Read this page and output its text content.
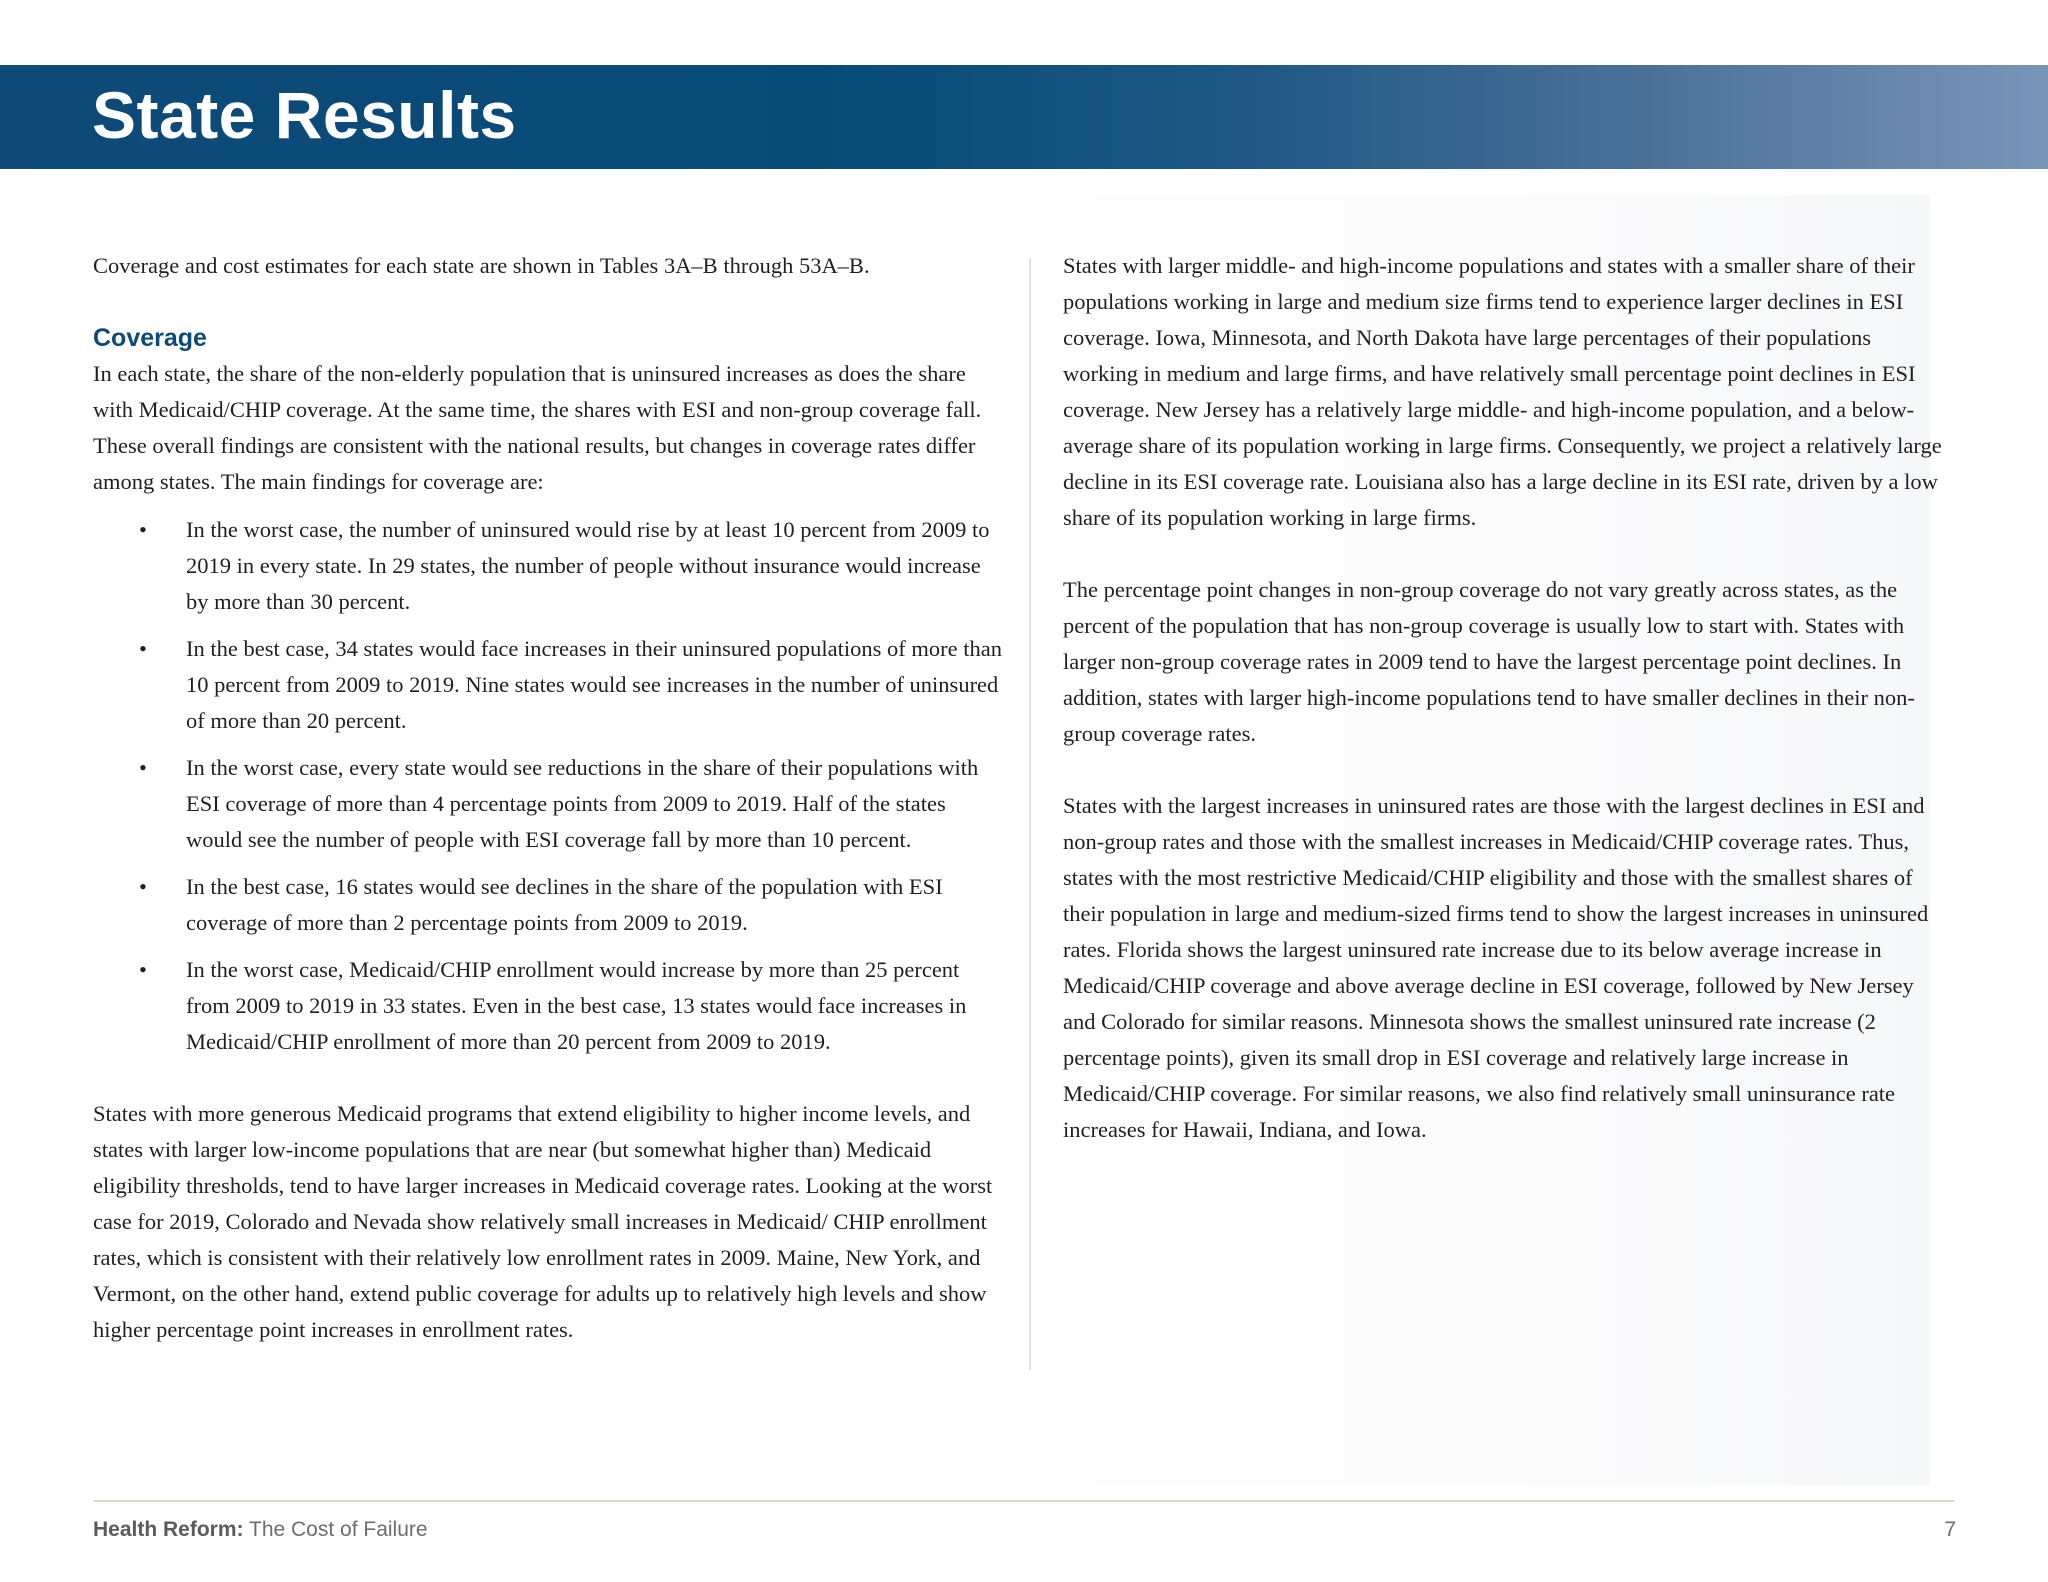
State Results

Coverage and cost estimates for each state are shown in Tables 3A–B through 53A–B.

Coverage

In each state, the share of the non-elderly population that is uninsured increases as does the share with Medicaid/CHIP coverage. At the same time, the shares with ESI and non-group coverage fall. These overall findings are consistent with the national results, but changes in coverage rates differ among states. The main findings for coverage are:

• In the worst case, the number of uninsured would rise by at least 10 percent from 2009 to 2019 in every state. In 29 states, the number of people without insurance would increase by more than 30 percent.
• In the best case, 34 states would face increases in their uninsured populations of more than 10 percent from 2009 to 2019. Nine states would see increases in the number of uninsured of more than 20 percent.
• In the worst case, every state would see reductions in the share of their populations with ESI coverage of more than 4 percentage points from 2009 to 2019. Half of the states would see the number of people with ESI coverage fall by more than 10 percent.
• In the best case, 16 states would see declines in the share of the population with ESI coverage of more than 2 percentage points from 2009 to 2019.
• In the worst case, Medicaid/CHIP enrollment would increase by more than 25 percent from 2009 to 2019 in 33 states. Even in the best case, 13 states would face increases in Medicaid/CHIP enrollment of more than 20 percent from 2009 to 2019.

States with more generous Medicaid programs that extend eligibility to higher income levels, and states with larger low-income populations that are near (but somewhat higher than) Medicaid eligibility thresholds, tend to have larger increases in Medicaid coverage rates. Looking at the worst case for 2019, Colorado and Nevada show relatively small increases in Medicaid/ CHIP enrollment rates, which is consistent with their relatively low enrollment rates in 2009. Maine, New York, and Vermont, on the other hand, extend public coverage for adults up to relatively high levels and show higher percentage point increases in enrollment rates.

States with larger middle- and high-income populations and states with a smaller share of their populations working in large and medium size firms tend to experience larger declines in ESI coverage. Iowa, Minnesota, and North Dakota have large percentages of their populations working in medium and large firms, and have relatively small percentage point declines in ESI coverage. New Jersey has a relatively large middle- and high-income population, and a below-average share of its population working in large firms. Consequently, we project a relatively large decline in its ESI coverage rate. Louisiana also has a large decline in its ESI rate, driven by a low share of its population working in large firms.

The percentage point changes in non-group coverage do not vary greatly across states, as the percent of the population that has non-group coverage is usually low to start with. States with larger non-group coverage rates in 2009 tend to have the largest percentage point declines. In addition, states with larger high-income populations tend to have smaller declines in their non-group coverage rates.

States with the largest increases in uninsured rates are those with the largest declines in ESI and non-group rates and those with the smallest increases in Medicaid/CHIP coverage rates. Thus, states with the most restrictive Medicaid/CHIP eligibility and those with the smallest shares of their population in large and medium-sized firms tend to show the largest increases in uninsured rates. Florida shows the largest uninsured rate increase due to its below average increase in Medicaid/CHIP coverage and above average decline in ESI coverage, followed by New Jersey and Colorado for similar reasons. Minnesota shows the smallest uninsured rate increase (2 percentage points), given its small drop in ESI coverage and relatively large increase in Medicaid/CHIP coverage. For similar reasons, we also find relatively small uninsurance rate increases for Hawaii, Indiana, and Iowa.

Health Reform: The Cost of Failure	7
